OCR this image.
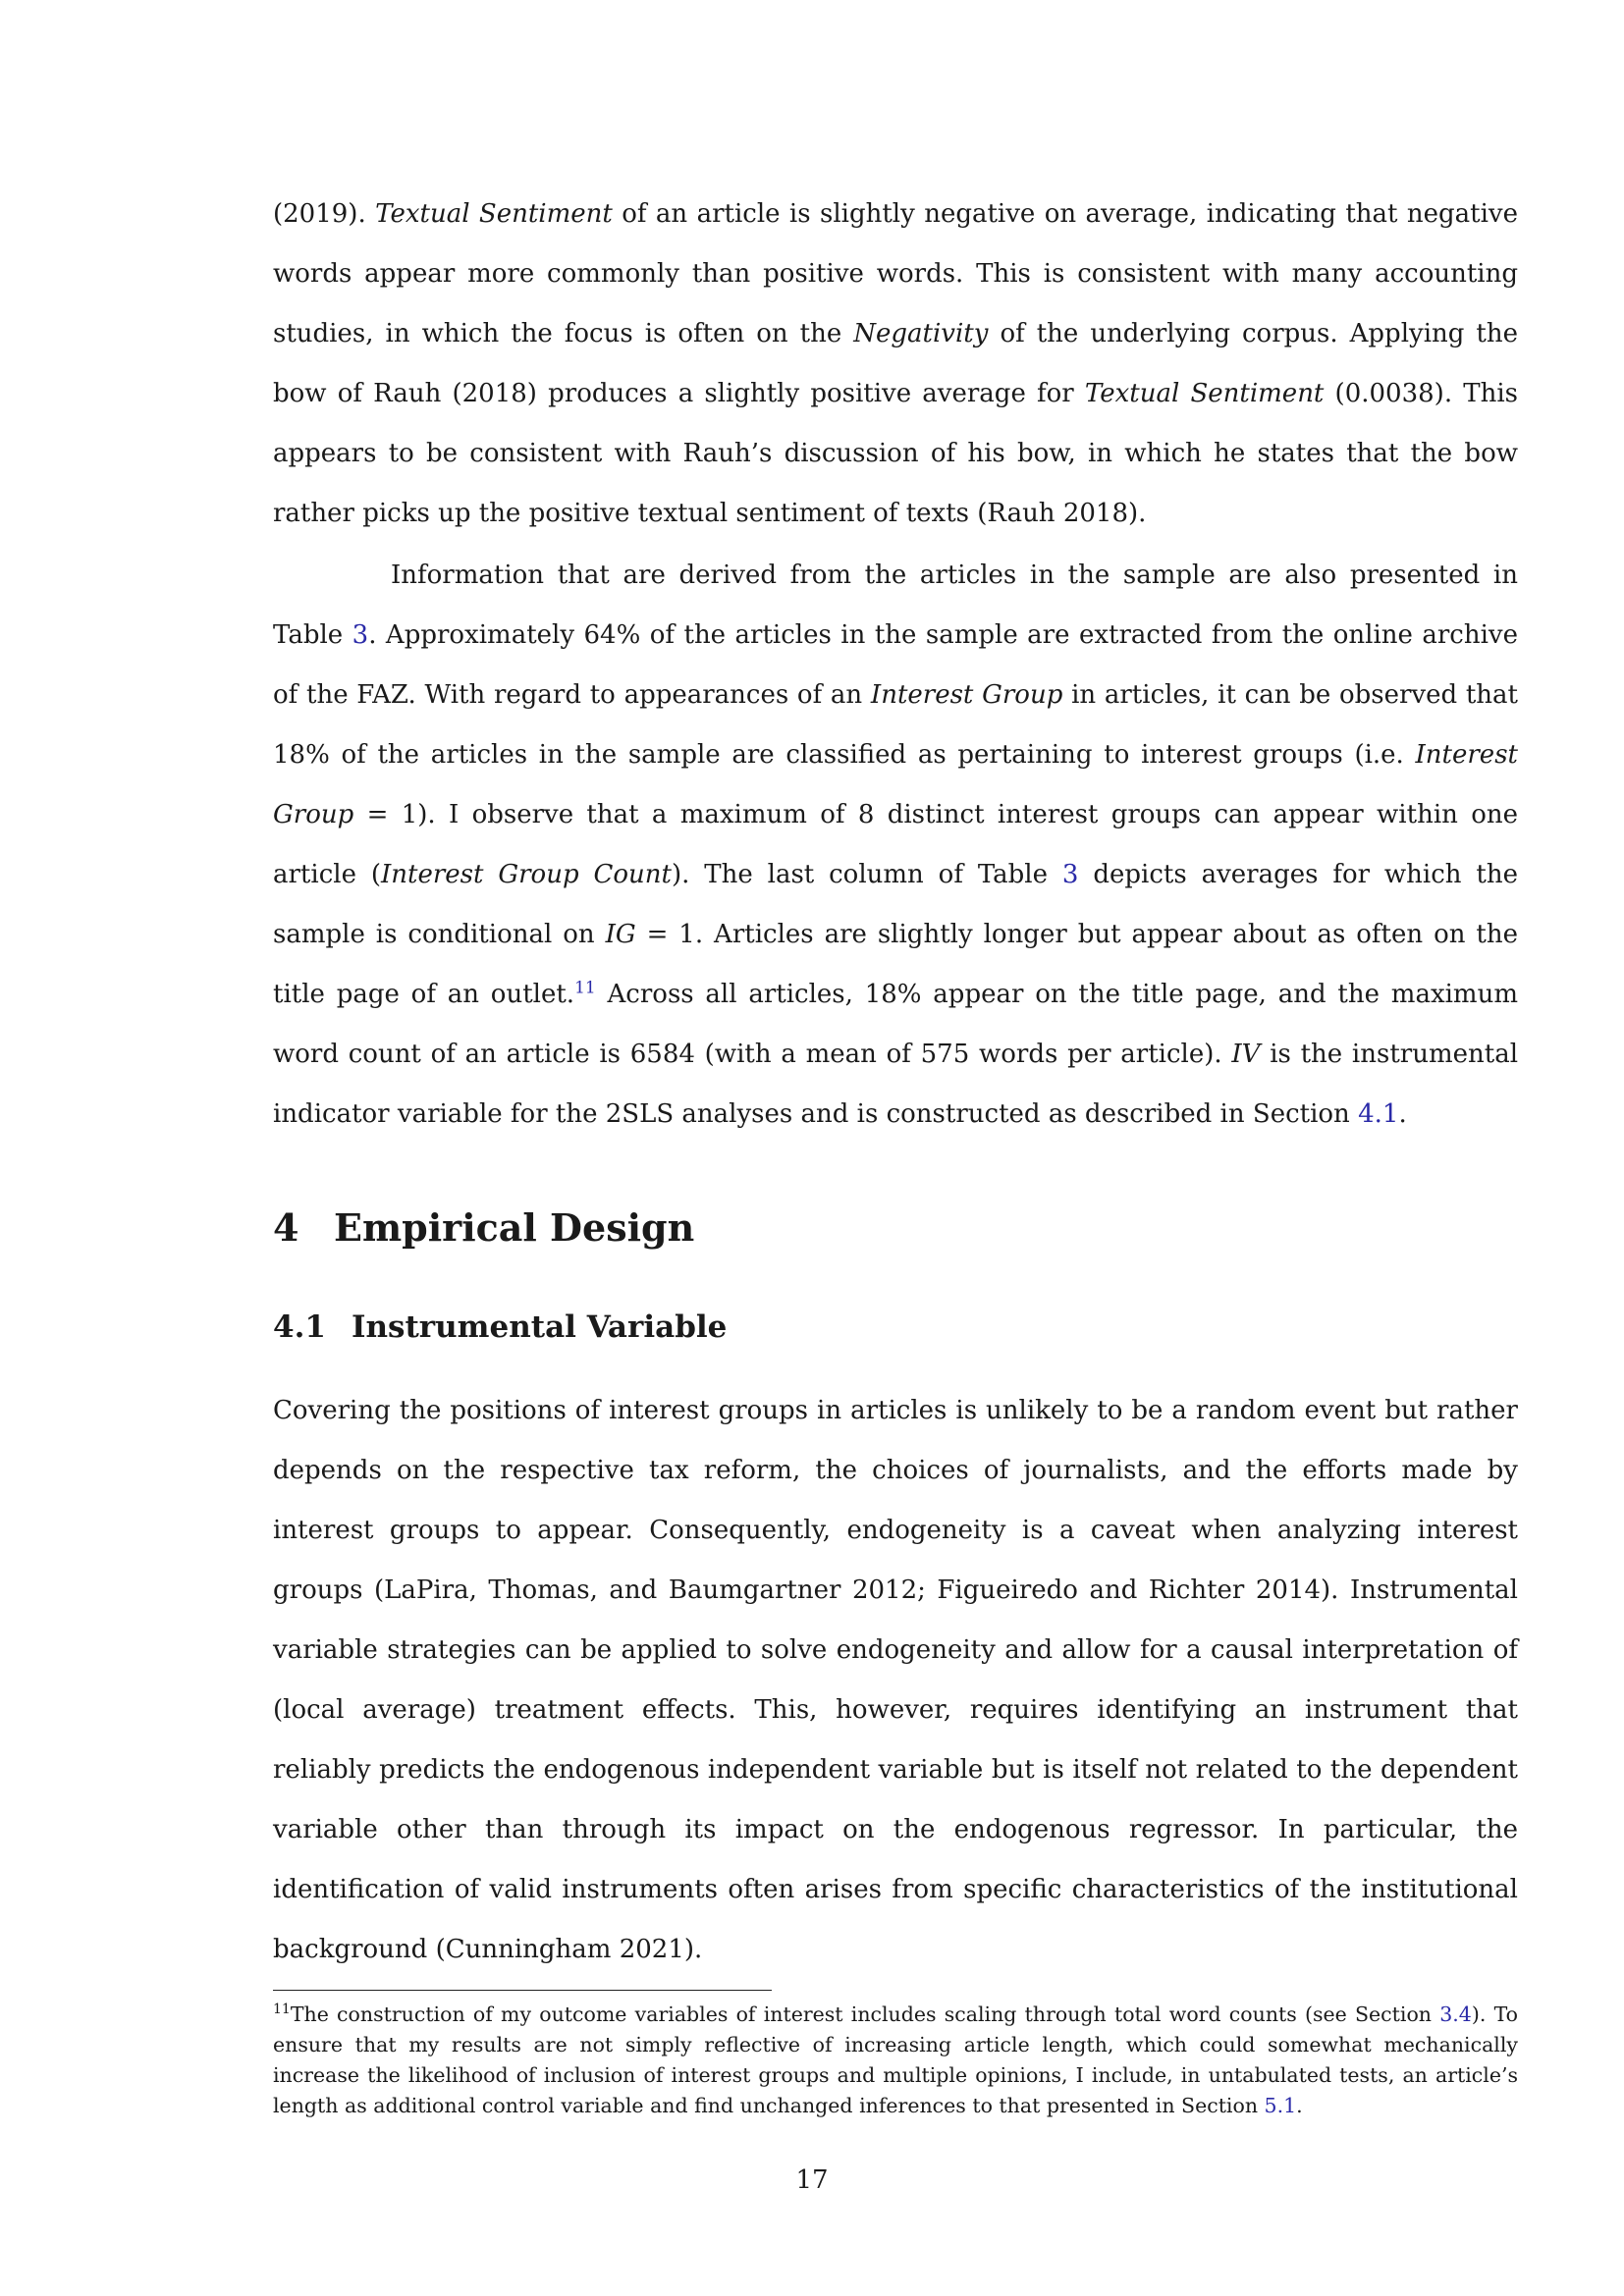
(2019). Textual Sentiment of an article is slightly negative on average, indicating that negative words appear more commonly than positive words. This is consistent with many accounting studies, in which the focus is often on the Negativity of the underlying corpus. Applying the bow of Rauh (2018) produces a slightly positive average for Textual Sentiment (0.0038). This appears to be consistent with Rauh’s discussion of his bow, in which he states that the bow rather picks up the positive textual sentiment of texts (Rauh 2018).

Information that are derived from the articles in the sample are also presented in Table 3. Approximately 64% of the articles in the sample are extracted from the online archive of the FAZ. With regard to appearances of an Interest Group in articles, it can be observed that 18% of the articles in the sample are classified as pertaining to interest groups (i.e. Interest Group = 1). I observe that a maximum of 8 distinct interest groups can appear within one article (Interest Group Count). The last column of Table 3 depicts averages for which the sample is conditional on IG = 1. Articles are slightly longer but appear about as often on the title page of an outlet.$^{11}$ Across all articles, 18% appear on the title page, and the maximum word count of an article is 6584 (with a mean of 575 words per article). IV is the instrumental indicator variable for the 2SLS analyses and is constructed as described in Section 4.1.

4 Empirical Design
4.1 Instrumental Variable

Covering the positions of interest groups in articles is unlikely to be a random event but rather depends on the respective tax reform, the choices of journalists, and the efforts made by interest groups to appear. Consequently, endogeneity is a caveat when analyzing interest groups (LaPira, Thomas, and Baumgartner 2012; Figueiredo and Richter 2014). Instrumental variable strategies can be applied to solve endogeneity and allow for a causal interpretation of (local average) treatment effects. This, however, requires identifying an instrument that reliably predicts the endogenous independent variable but is itself not related to the dependent variable other than through its impact on the endogenous regressor. In particular, the identification of valid instruments often arises from specific characteristics of the institutional background (Cunningham 2021).

$^{11}$The construction of my outcome variables of interest includes scaling through total word counts (see Section 3.4). To ensure that my results are not simply reflective of increasing article length, which could somewhat mechanically increase the likelihood of inclusion of interest groups and multiple opinions, I include, in untabulated tests, an article’s length as additional control variable and find unchanged inferences to that presented in Section 5.1.
17
